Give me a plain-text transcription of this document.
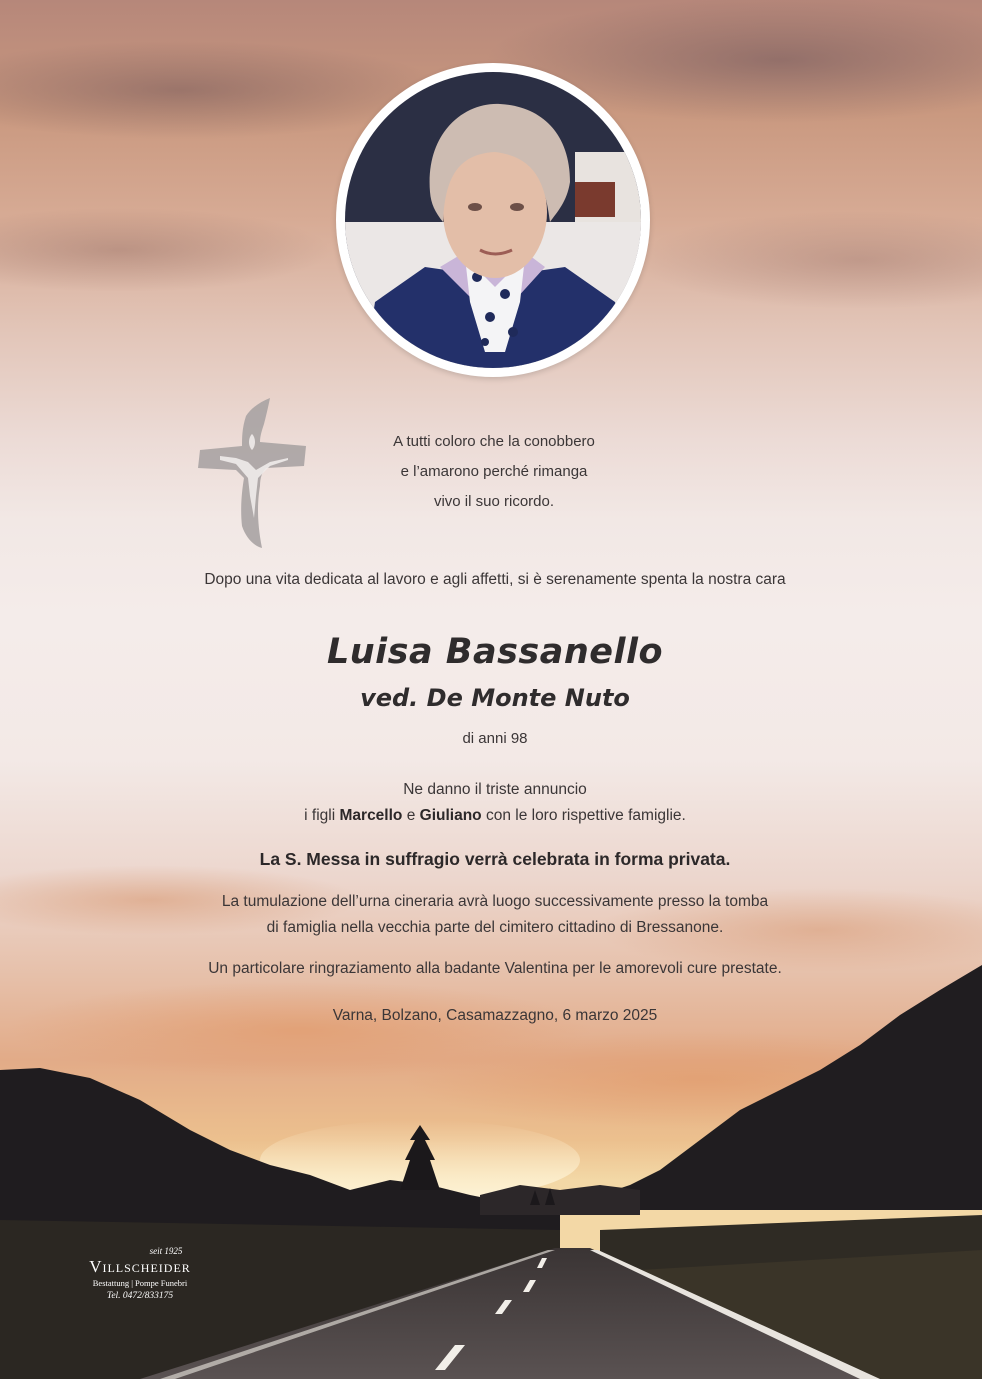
A tutti coloro che la conobbero
e l’amarono perché rimanga
vivo il suo ricordo.
Dopo una vita dedicata al lavoro e agli affetti, si è serenamente spenta la nostra cara
Luisa Bassanello
ved. De Monte Nuto
di anni 98
Ne danno il triste annuncio
i figli Marcello e Giuliano con le loro rispettive famiglie.
La S. Messa in suffragio verrà celebrata in forma privata.
La tumulazione dell’urna cineraria avrà luogo successivamente presso la tomba
di famiglia nella vecchia parte del cimitero cittadino di Bressanone.
Un particolare ringraziamento alla badante Valentina per le amorevoli cure prestate.
Varna, Bolzano, Casamazzagno, 6 marzo 2025
seit 1925
Villscheider
Bestattung | Pompe Funebri
Tel. 0472/833175
